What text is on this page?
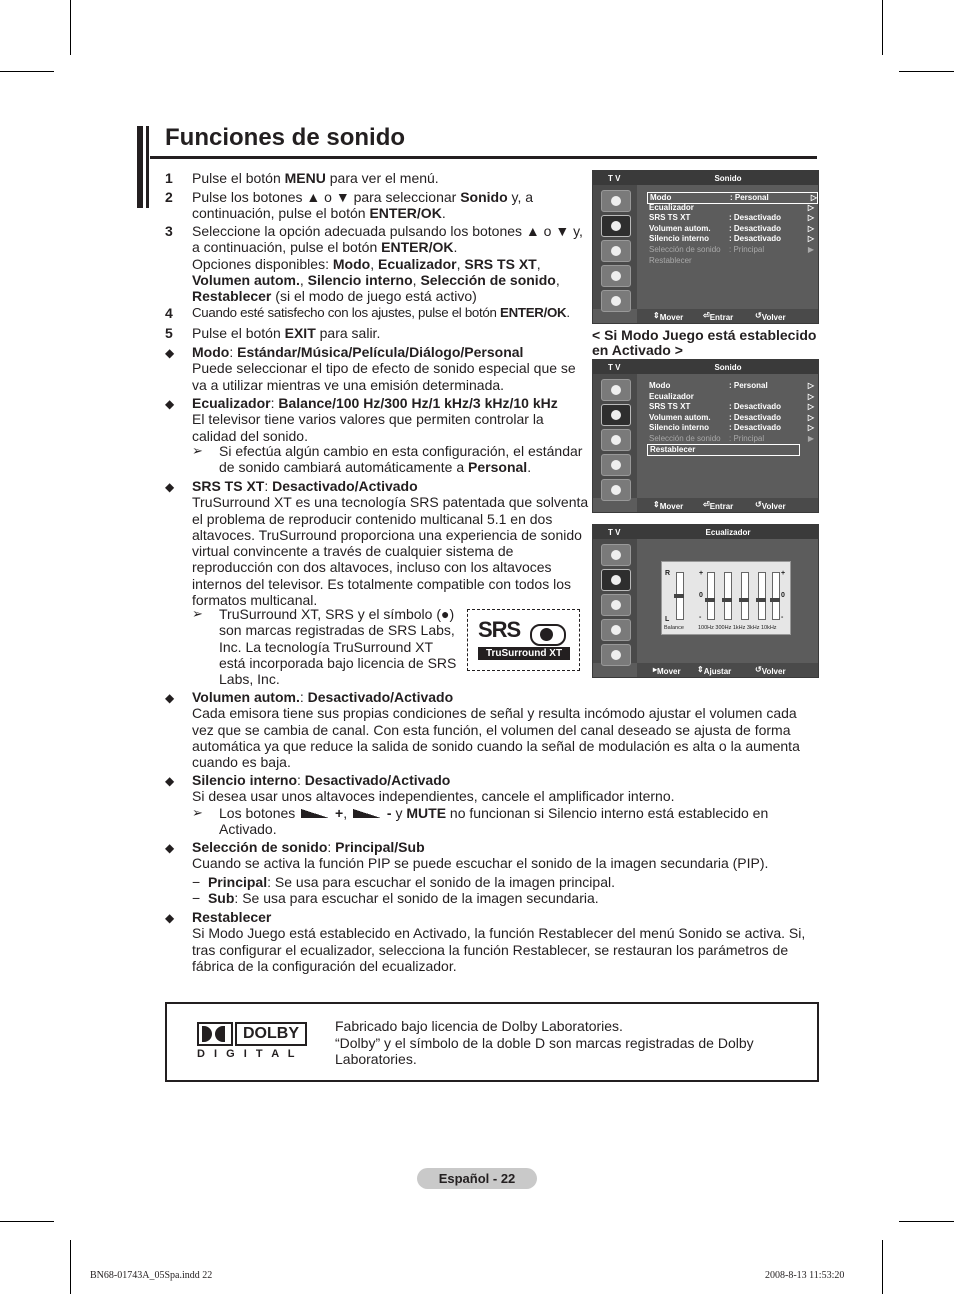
Funciones de sonido
1 Pulse el botón MENU para ver el menú.
2 Pulse los botones ▲ o ▼ para seleccionar Sonido y, a continuación, pulse el botón ENTER/OK.
3 Seleccione la opción adecuada pulsando los botones ▲ o ▼ y, a continuación, pulse el botón ENTER/OK.
Opciones disponibles: Modo, Ecualizador, SRS TS XT, Volumen autom., Silencio interno, Selección de sonido, Restablecer (si el modo de juego está activo)
4 Cuando esté satisfecho con los ajustes, pulse el botón ENTER/OK.
5 Pulse el botón EXIT para salir.
◆ Modo: Estándar/Música/Película/Diálogo/Personal
Puede seleccionar el tipo de efecto de sonido especial que se va a utilizar mientras ve una emisión determinada.
◆ Ecualizador: Balance/100 Hz/300 Hz/1 kHz/3 kHz/10 kHz
El televisor tiene varios valores que permiten controlar la calidad del sonido.
➢ Si efectúa algún cambio en esta configuración, el estándar de sonido cambiará automáticamente a Personal.
◆ SRS TS XT: Desactivado/Activado
TruSurround XT es una tecnología SRS patentada que solventa el problema de reproducir contenido multicanal 5.1 en dos altavoces. TruSurround proporciona una experiencia de sonido virtual convincente a través de cualquier sistema de reproducción con dos altavoces, incluso con los altavoces internos del televisor. Es totalmente compatible con todos los formatos multicanal.
➢ TruSurround XT, SRS y el símbolo (●) son marcas registradas de SRS Labs, Inc. La tecnología TruSurround XT está incorporada bajo licencia de SRS Labs, Inc.
SRS
TruSurround XT
◆ Volumen autom.: Desactivado/Activado
Cada emisora tiene sus propias condiciones de señal y resulta incómodo ajustar el volumen cada vez que se cambia de canal. Con esta función, el volumen del canal deseado se ajusta de forma automática ya que reduce la salida de sonido cuando la señal de modulación es alta o la aumenta cuando es baja.
◆ Silencio interno: Desactivado/Activado
Si desea usar unos altavoces independientes, cancele el amplificador interno.
➢ Los botones  +,  - y MUTE no funcionan si Silencio interno está establecido en Activado.
◆ Selección de sonido: Principal/Sub
Cuando se activa la función PIP se puede escuchar el sonido de la imagen secundaria (PIP).
−  Principal: Se usa para escuchar el sonido de la imagen principal.
−  Sub: Se usa para escuchar el sonido de la imagen secundaria.
◆ Restablecer
Si Modo Juego está establecido en Activado, la función Restablecer del menú Sonido se activa. Si, tras configurar el ecualizador, selecciona la función Restablecer, se restauran los parámetros de fábrica de la configuración del ecualizador.
T V	Sonido
Modo	: Personal	▷
Ecualizador	▷
SRS TS XT	: Desactivado	▷
Volumen autom. : Desactivado	▷
Silencio interno : Desactivado	▷
Selección de sonido : Principal	▶
Restablecer
⇕ Mover ⏎ Entrar	↺ Volver
< Si Modo Juego está establecido en Activado >
T V	Sonido
Modo	: Personal	▷
Ecualizador	▷
SRS TS XT	: Desactivado	▷
Volumen autom. : Desactivado	▷
Silencio interno : Desactivado	▷
Selección de sonido : Principal	▶
Restablecer
⇕ Mover ⏎ Entrar	↺ Volver
T V	Ecualizador
R
L
+
0
-
+
0
-
Balance	100Hz 300Hz 1kHz 3kHz 10kHz
▸ Mover ⇕ Ajustar	↺ Volver
DOLBY
D I G I T A L
Fabricado bajo licencia de Dolby Laboratories.
“Dolby” y el símbolo de la doble D son marcas registradas de Dolby Laboratories.
Español - 22
BN68-01743A_05Spa.indd 22	2008-8-13 11:53:20
